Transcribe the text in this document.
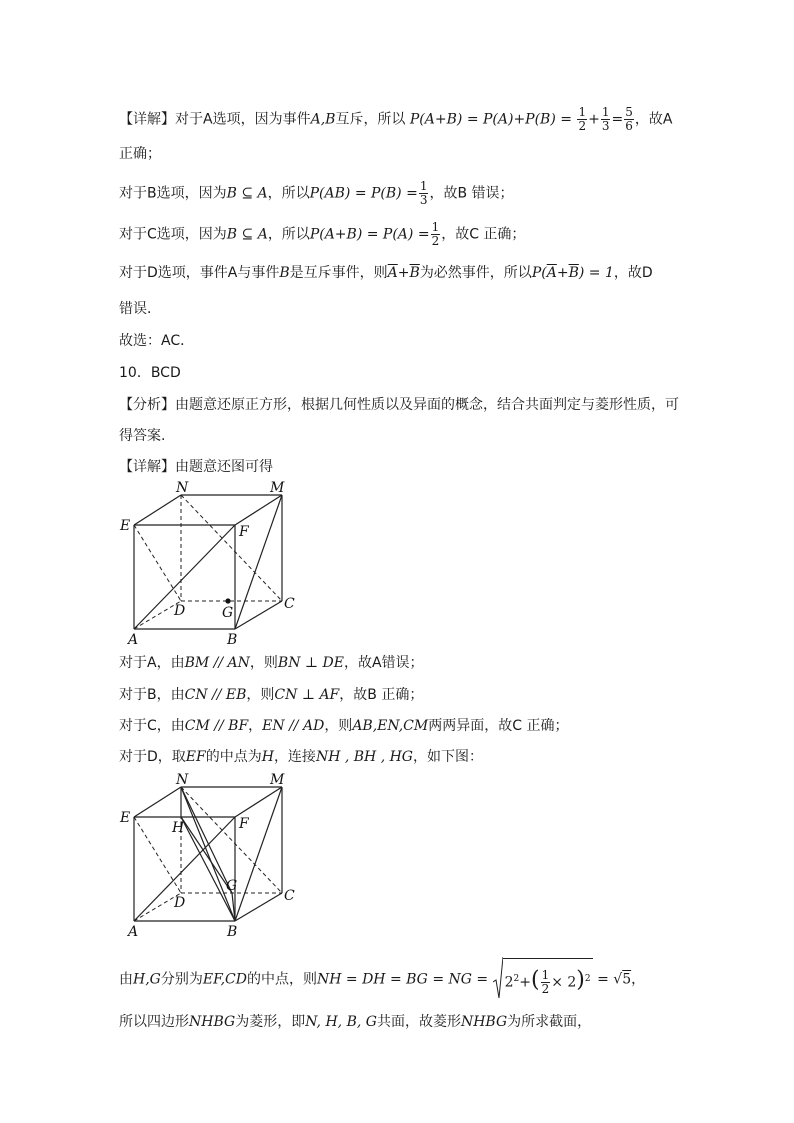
【详解】对于A选项，因为事件A,B互斥，所以 $P(A+B) = P(A)+P(B) = \frac{1}{2} + \frac{1}{3} = \frac{5}{6}$ ，故A
正确；
对于B选项，因为B ⊆ A，所以$P(AB) = P(B) = \frac{1}{3}$ ，故B 错误；
对于C选项，因为B ⊆ A，所以$P(A+B) = P(A) = \frac{1}{2}$ ，故C 正确；
对于D选项，事件A与事件B是互斥事件，则$\overline{A}+\overline{B}$为必然事件，所以$P(\overline{A}+\overline{B}) = 1$，故D
错误．
故选：AC．
10．BCD
【分析】由题意还原正方形，根据几何性质以及异面的概念，结合共面判定与菱形性质，可
得答案.
【详解】由题意还图可得
N	M
E	F
D	G
C
A	B
对于A，由BM // AN，则BN ⊥ DE，故A错误；
对于B，由CN // EB，则CN ⊥ AF，故B 正确；
对于C，由CM // BF，EN // AD，则AB,EN,CM两两异面，故C 正确；
对于D，取EF的中点为H，连接NH , BH , HG，如下图：
N	M
E
H	F
D
G
C
A	B
由H,G分别为EF,CD的中点，则NH = DH = BG = NG = $2^2+( \frac{1}{2} \times 2)^2 = √5$，
所以四边形NHBG为菱形，即N, H, B, G共面，故菱形NHBG为所求截面，
